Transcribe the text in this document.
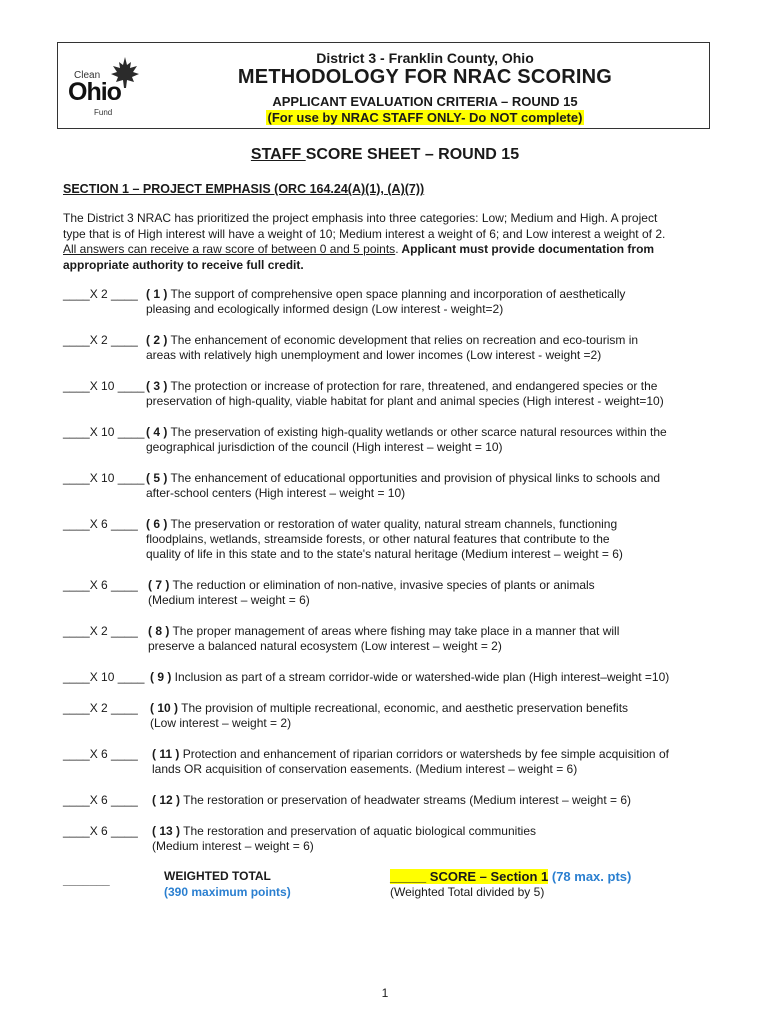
Clean
Ohio
Fund
District 3 - Franklin County, Ohio
METHODOLOGY FOR NRAC SCORING
APPLICANT EVALUATION CRITERIA – ROUND 15
(For use by NRAC STAFF ONLY- Do NOT complete)
STAFF SCORE SHEET – ROUND 15
SECTION 1 – PROJECT EMPHASIS (ORC 164.24(A)(1), (A)(7))
The District 3 NRAC has prioritized the project emphasis into three categories: Low; Medium and High. A project
type that is of High interest will have a weight of 10; Medium interest a weight of 6; and Low interest a weight of 2.
All answers can receive a raw score of between 0 and 5 points. Applicant must provide documentation from
appropriate authority to receive full credit.
____X 2 ____ ( 1 ) The support of comprehensive open space planning and incorporation of aesthetically
pleasing and ecologically informed design (Low interest - weight=2)
____X 2 ____ ( 2 ) The enhancement of economic development that relies on recreation and eco-tourism in
areas with relatively high unemployment and lower incomes (Low interest - weight =2)
____X 10 ____ ( 3 ) The protection or increase of protection for rare, threatened, and endangered species or the
preservation of high-quality, viable habitat for plant and animal species (High interest - weight=10)
____X 10 ____ ( 4 ) The preservation of existing high-quality wetlands or other scarce natural resources within the
geographical jurisdiction of the council (High interest – weight = 10)
____X 10 ____ ( 5 ) The enhancement of educational opportunities and provision of physical links to schools and
after-school centers (High interest – weight = 10)
____X 6 ____ ( 6 ) The preservation or restoration of water quality, natural stream channels, functioning
floodplains, wetlands, streamside forests, or other natural features that contribute to the
quality of life in this state and to the state's natural heritage (Medium interest – weight = 6)
____X 6 ____ ( 7 ) The reduction or elimination of non-native, invasive species of plants or animals
(Medium interest – weight = 6)
____X 2 ____ ( 8 ) The proper management of areas where fishing may take place in a manner that will
preserve a balanced natural ecosystem (Low interest – weight = 2)
____X 10 ____ ( 9 ) Inclusion as part of a stream corridor-wide or watershed-wide plan (High interest–weight =10)
____X 2 ____ ( 10 ) The provision of multiple recreational, economic, and aesthetic preservation benefits
(Low interest – weight = 2)
____X 6 ____ ( 11 ) Protection and enhancement of riparian corridors or watersheds by fee simple acquisition of
lands OR acquisition of conservation easements. (Medium interest – weight = 6)
____X 6 ____ ( 12 ) The restoration or preservation of headwater streams (Medium interest – weight = 6)
____X 6 ____ ( 13 ) The restoration and preservation of aquatic biological communities
(Medium interest – weight = 6)
_______	WEIGHTED TOTAL
(390 maximum points)
_____ SCORE – Section 1 (78 max. pts)
(Weighted Total divided by 5)
1
